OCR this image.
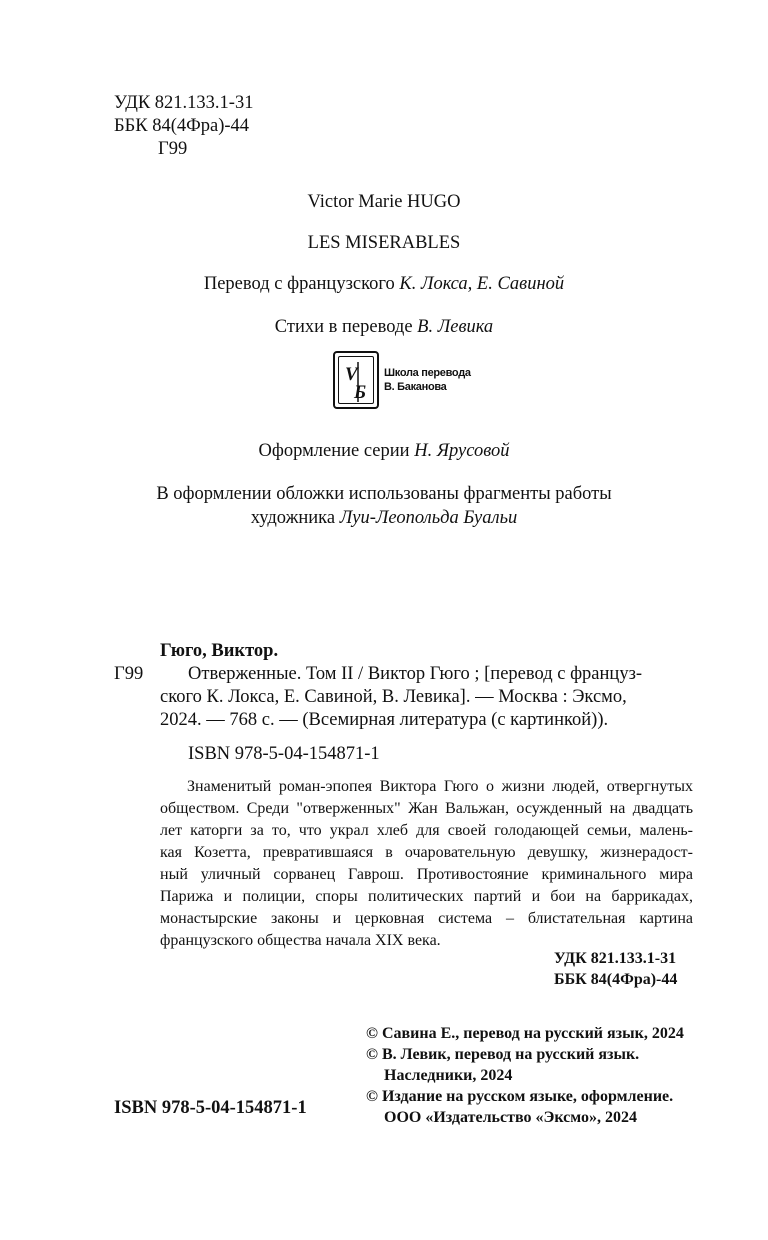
УДК 821.133.1-31
ББК 84(4Фра)-44
Г99
Victor Marie HUGO
LES MISERABLES
Перевод с французского К. Локса, Е. Савиной
Стихи в переводе В. Левика
V
Б
Школа перевода
В. Баканова
Оформление серии Н. Ярусовой
В оформлении обложки использованы фрагменты работы
художника Луи-Леопольда Буальи
Гюго, Виктор.
Г99 Отверженные. Том II / Виктор Гюго ; [перевод с француз-
ского К. Локса, Е. Савиной, В. Левика]. — Москва : Эксмо,
2024. — 768 с. — (Всемирная литература (с картинкой)).
ISBN 978-5-04-154871-1
Знаменитый роман-эпопея Виктора Гюго о жизни людей, отвергнутых
обществом. Среди "отверженных" Жан Вальжан, осужденный на двадцать
лет каторги за то, что украл хлеб для своей голодающей семьи, малень-
кая Козетта, превратившаяся в очаровательную девушку, жизнерадост-
ный уличный сорванец Гаврош. Противостояние криминального мира
Парижа и полиции, споры политических партий и бои на баррикадах,
монастырские законы и церковная система – блистательная картина
французского общества начала XIX века.
УДК 821.133.1-31
ББК 84(4Фра)-44
© Савина Е., перевод на русский язык, 2024
© В. Левик, перевод на русский язык.
Наследники, 2024
© Издание на русском языке, оформление.
ООО «Издательство «Эксмо», 2024
ISBN 978-5-04-154871-1
